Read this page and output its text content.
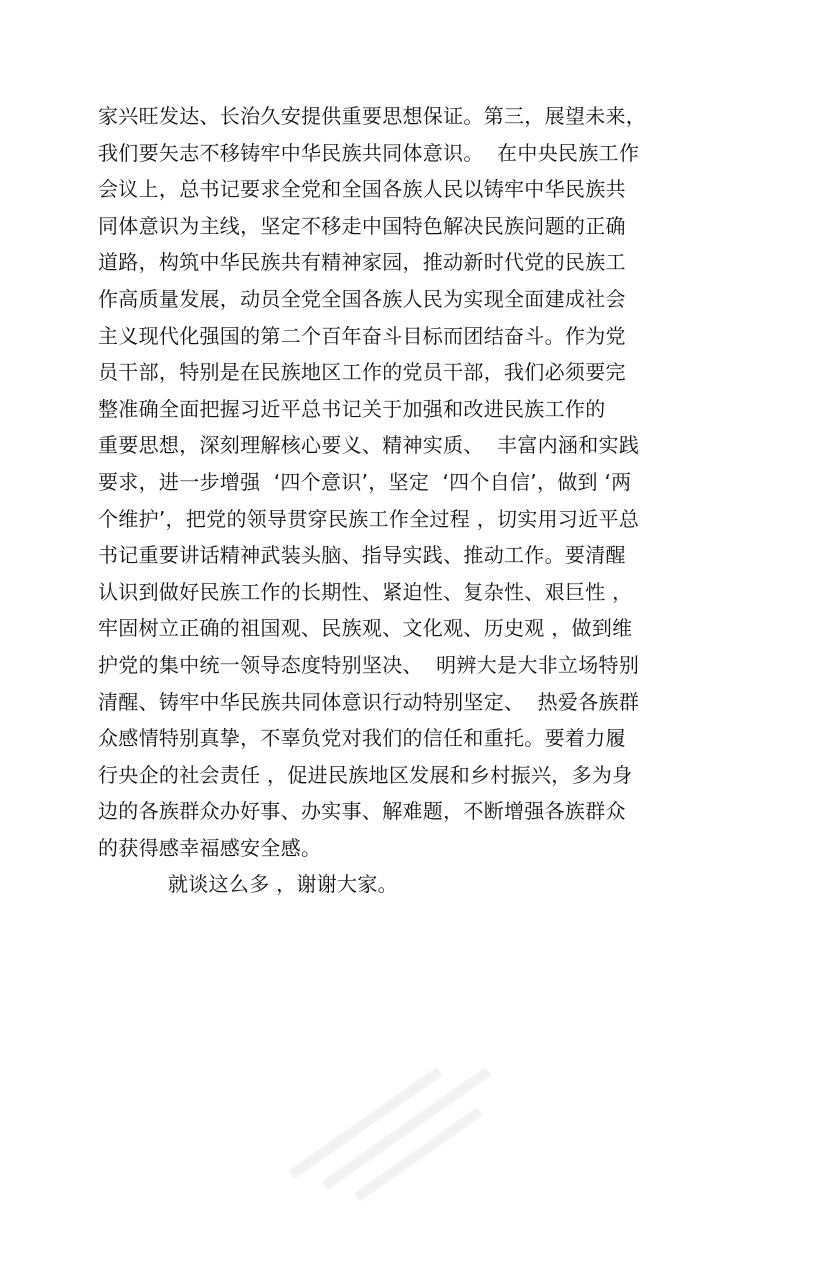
家兴旺发达、长治久安提供重要思想保证。第三，展望未来，
我们要矢志不移铸牢中华民族共同体意识。  在中央民族工作
会议上，总书记要求全党和全国各族人民以铸牢中华民族共
同体意识为主线，坚定不移走中国特色解决民族问题的正确
道路，构筑中华民族共有精神家园，推动新时代党的民族工
作高质量发展，动员全党全国各族人民为实现全面建成社会
主义现代化强国的第二个百年奋斗目标而团结奋斗。作为党
员干部，特别是在民族地区工作的党员干部，我们必须要完
整准确全面把握习近平总书记关于加强和改进民族工作的
重要思想，深刻理解核心要义、精神实质、  丰富内涵和实践
要求，进一步增强  ‘四个意识’，坚定  ‘四个自信’，做到 ‘两
个维护’，把党的领导贯穿民族工作全过程 ，切实用习近平总
书记重要讲话精神武装头脑、指导实践、推动工作。要清醒
认识到做好民族工作的长期性、紧迫性、复杂性、艰巨性 ，
牢固树立正确的祖国观、民族观、文化观、历史观 ，做到维
护党的集中统一领导态度特别坚决、  明辨大是大非立场特别
清醒、铸牢中华民族共同体意识行动特别坚定、  热爱各族群
众感情特别真挚，不辜负党对我们的信任和重托。要着力履
行央企的社会责任 ，促进民族地区发展和乡村振兴，多为身
边的各族群众办好事、办实事、解难题，不断增强各族群众
的获得感幸福感安全感。
就谈这么多 ，谢谢大家。
